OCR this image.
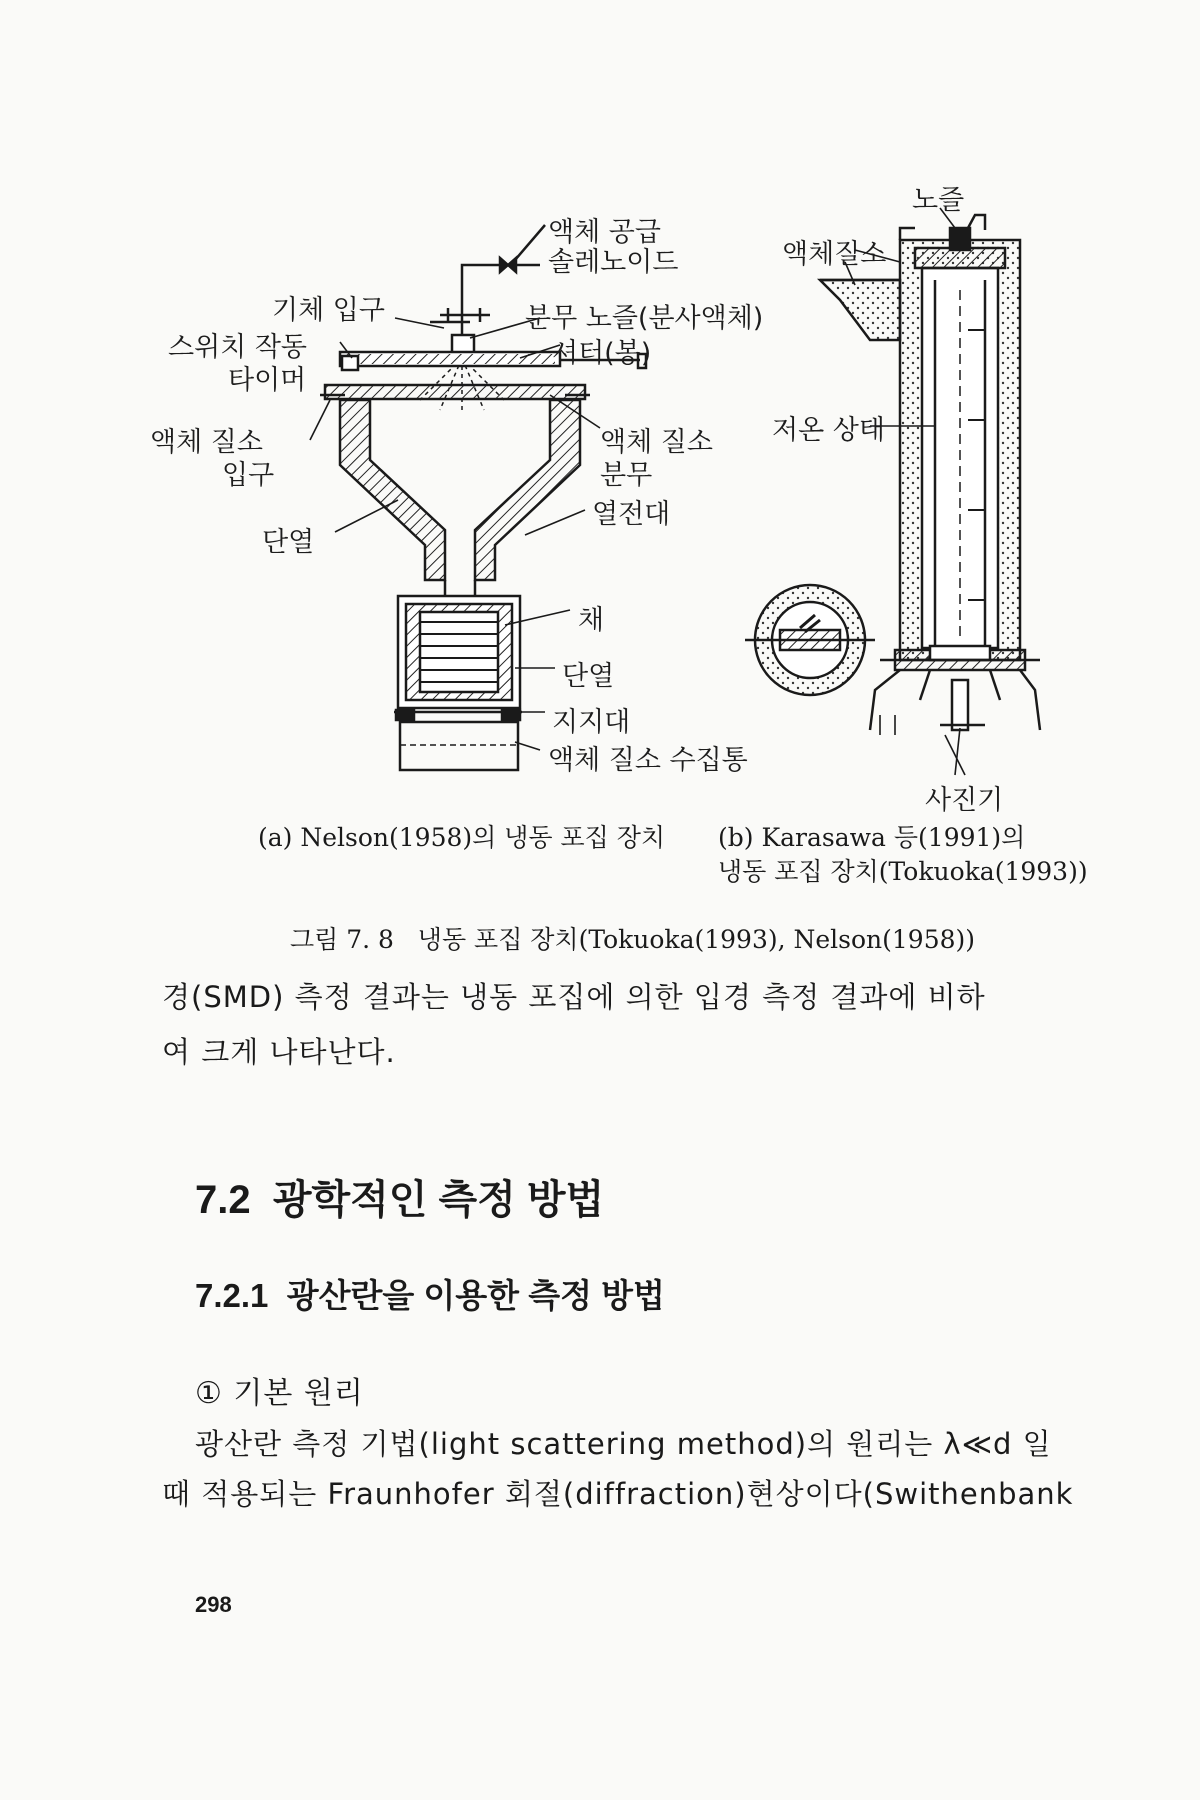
액체 공급
솔레노이드
기체 입구	분무 노즐(분사액체)
스위치 작동
타이머
셔터(봉)
액체 질소
입구
액체 질소
분무
열전대
단열
채
단열
지지대
액체 질소 수집통
노즐
액체질소
저온 상태
사진기
(a) Nelson(1958)의 냉동 포집 장치 (b) Karasawa 등(1991)의
냉동 포집 장치(Tokuoka(1993))
그림 7. 8   냉동 포집 장치(Tokuoka(1993), Nelson(1958))
경(SMD) 측정 결과는 냉동 포집에 의한 입경 측정 결과에 비하
여 크게 나타난다.
7.2  광학적인 측정 방법
7.2.1  광산란을 이용한 측정 방법
① 기본 원리
광산란 측정 기법(light scattering method)의 원리는 λ≪d 일
때 적용되는 Fraunhofer 회절(diffraction)현상이다(Swithenbank
298
